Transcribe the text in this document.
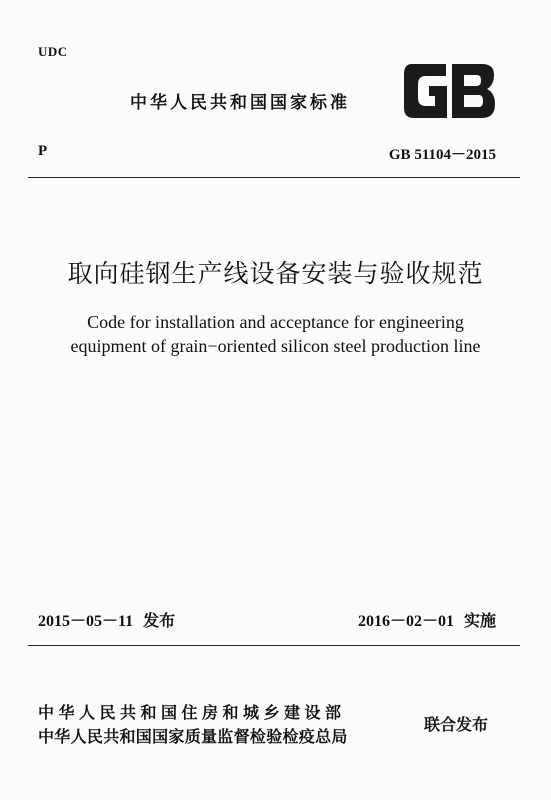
UDC
中华人民共和国国家标准
P	GB 51104－2015
取向硅钢生产线设备安装与验收规范
Code for installation and acceptance for engineering
equipment of grain−oriented silicon steel production line
2015－05－11 发布	2016－02－01 实施
中华人民共和国住房和城乡建设部
中华人民共和国国家质量监督检验检疫总局
联合发布
